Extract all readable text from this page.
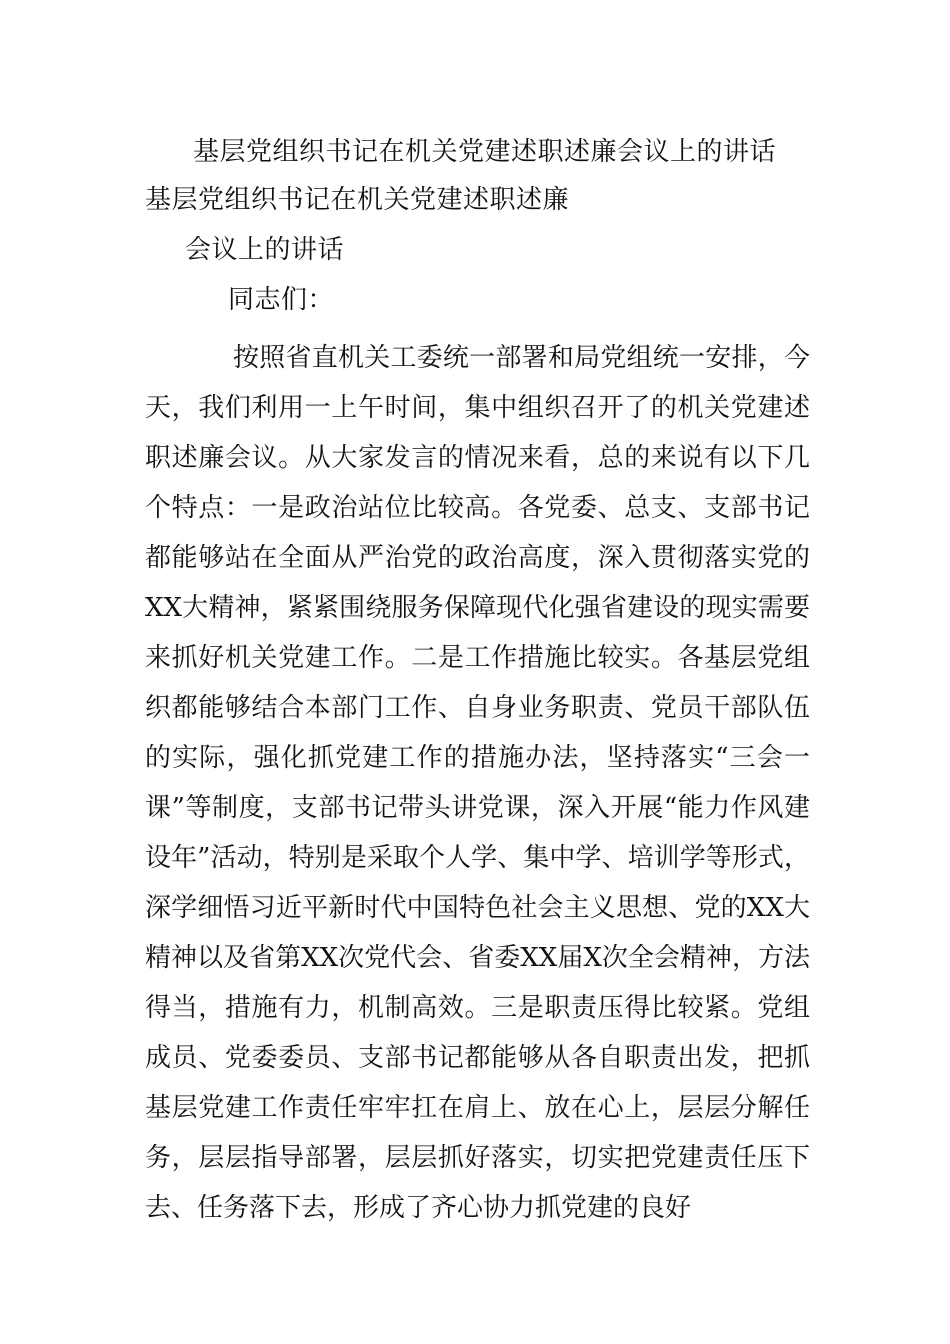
基层党组织书记在机关党建述职述廉会议上的讲话
基层党组织书记在机关党建述职述廉
会议上的讲话
同志们：

按照省直机关工委统一部署和局党组统一安排，今天，我们利用一上午时间，集中组织召开了的机关党建述职述廉会议。从大家发言的情况来看，总的来说有以下几个特点：一是政治站位比较高。各党委、总支、支部书记都能够站在全面从严治党的政治高度，深入贯彻落实党的XX大精神，紧紧围绕服务保障现代化强省建设的现实需要来抓好机关党建工作。二是工作措施比较实。各基层党组织都能够结合本部门工作、自身业务职责、党员干部队伍的实际，强化抓党建工作的措施办法，坚持落实“三会一课”等制度，支部书记带头讲党课，深入开展“能力作风建设年”活动，特别是采取个人学、集中学、培训学等形式，深学细悟习近平新时代中国特色社会主义思想、党的XX大精神以及省第XX次党代会、省委XX届X次全会精神，方法得当，措施有力，机制高效。三是职责压得比较紧。党组成员、党委委员、支部书记都能够从各自职责出发，把抓基层党建工作责任牢牢扛在肩上、放在心上，层层分解任务，层层指导部署，层层抓好落实，切实把党建责任压下去、任务落下去，形成了齐心协力抓党建的良好
